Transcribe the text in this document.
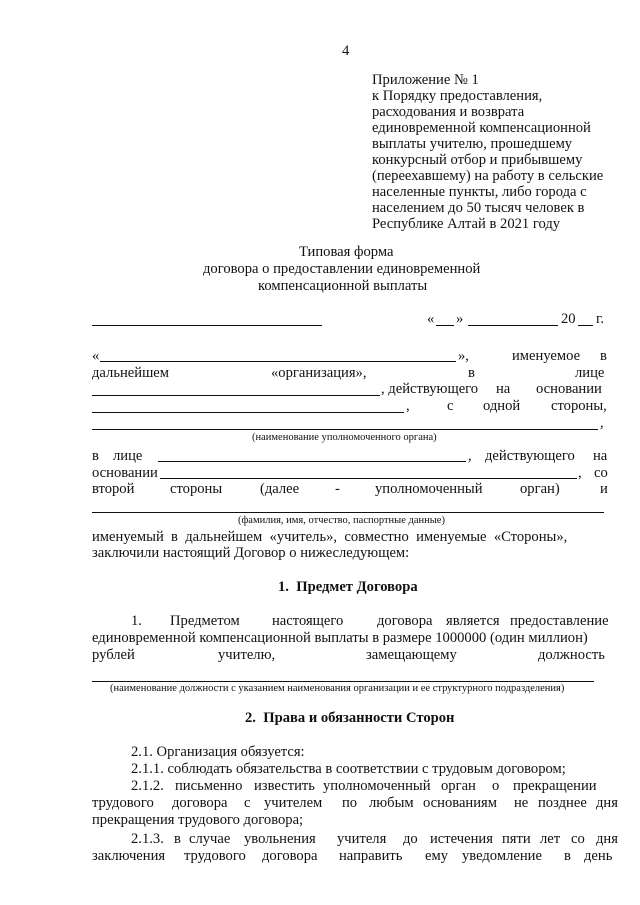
4
Приложение № 1
к Порядку предоставления,
расходования и возврата
единовременной компенсационной
выплаты учителю, прошедшему
конкурсный отбор и прибывшему
(переехавшему) на работу в сельские
населенные пункты, либо города с
населением до 50 тысяч человек в
Республике Алтай в 2021 году
Типовая форма
договора о предоставлении единовременной
компенсационной выплаты
« »	20 г.
«	»,	именуемое в
дальнейшем	«организация»,	в	лице
, действующего на основании
,	с одной стороны,
,
(наименование уполномоченного органа)
в лице	, действующего на
основании	, со
второй стороны	(далее - уполномоченный	орган)	и
(фамилия, имя, отчество, паспортные данные)
именуемый  в  дальнейшем  «учитель»,  совместно  именуемые  «Стороны»,
заключили настоящий Договор о нижеследующем:
1.  Предмет Договора
1. Предметом настоящего договора является предоставление
единовременной компенсационной выплаты в размере 1000000 (один миллион)
рублей	учителю,	замещающему	должность
(наименование должности с указанием наименования организации и ее структурного подразделения)
2.  Права и обязанности Сторон
2.1. Организация обязуется:
2.1.1. соблюдать обязательства в соответствии с трудовым договором;
2.1.2. письменно известить уполномоченный орган о прекращении
трудового договора с учителем по любым основаниям не позднее дня
прекращения трудового договора;
2.1.3. в случае увольнения учителя до истечения пяти лет со дня
заключения трудового договора направить ему уведомление в день
